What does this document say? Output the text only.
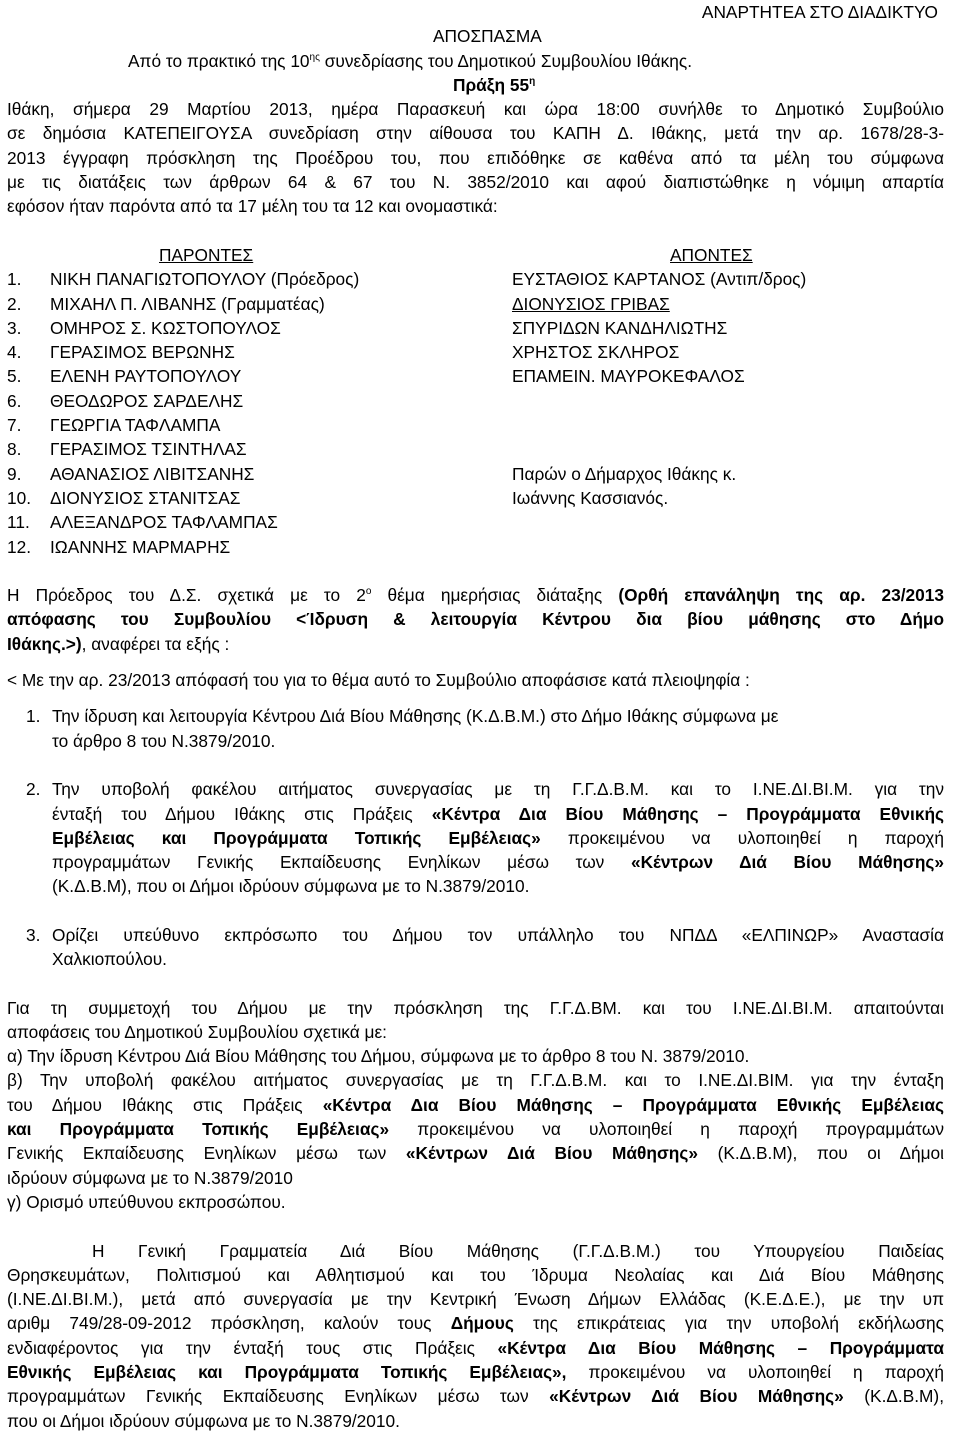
ΑΝΑΡΤΗΤΕΑ ΣΤΟ ΔΙΑΔΙΚΤΥΟ
ΑΠΟΣΠΑΣΜΑ
Από το πρακτικό της $10^{\eta\varsigma}$ συνεδρίασης του Δημοτικού Συμβουλίου Ιθάκης.
Πράξη $55^\eta$
Ιθάκη, σήμερα 29 Μαρτίου 2013, ημέρα Παρασκευή και ώρα 18:00 συνήλθε το Δημοτικό Συμβούλιο
σε δημόσια ΚΑΤΕΠΕΙΓΟΥΣΑ συνεδρίαση στην αίθουσα του ΚΑΠΗ Δ. Ιθάκης, μετά την αρ. 1678/28-3-
2013 έγγραφη πρόσκληση της Προέδρου του, που επιδόθηκε σε καθένα από τα μέλη του σύμφωνα
με τις διατάξεις των άρθρων 64 & 67 του Ν. 3852/2010 και αφού διαπιστώθηκε η νόμιμη απαρτία
εφόσον ήταν παρόντα από τα 17 μέλη του τα 12 και ονομαστικά:
ΠΑΡΟΝΤΕΣ	ΑΠΟΝΤΕΣ
1. ΝΙΚΗ ΠΑΝΑΓΙΩΤΟΠΟΥΛΟΥ (Πρόεδρος)	ΕΥΣΤΑΘΙΟΣ ΚΑΡΤΑΝΟΣ (Αντιπ/δρος)
2. ΜΙΧΑΗΛ Π. ΛΙΒΑΝΗΣ (Γραμματέας)	ΔΙΟΝΥΣΙΟΣ ΓΡΙΒΑΣ
3. ΟΜΗΡΟΣ Σ. ΚΩΣΤΟΠΟΥΛΟΣ	ΣΠΥΡΙΔΩΝ ΚΑΝΔΗΛΙΩΤΗΣ
4. ΓΕΡΑΣΙΜΟΣ ΒΕΡΩΝΗΣ	ΧΡΗΣΤΟΣ ΣΚΛΗΡΟΣ
5. ΕΛΕΝΗ ΡΑΥΤΟΠΟΥΛΟΥ	ΕΠΑΜΕΙΝ. ΜΑΥΡΟΚΕΦΑΛΟΣ
6. ΘΕΟΔΩΡΟΣ ΣΑΡΔΕΛΗΣ
7. ΓΕΩΡΓΙΑ ΤΑΦΛΑΜΠΑ
8. ΓΕΡΑΣΙΜΟΣ ΤΣΙΝΤΗΛΑΣ
9. ΑΘΑΝΑΣΙΟΣ ΛΙΒΙΤΣΑΝΗΣ	Παρών ο Δήμαρχος Ιθάκης κ.
10. ΔΙΟΝΥΣΙΟΣ ΣΤΑΝΙΤΣΑΣ	Ιωάννης Κασσιανός.
11. ΑΛΕΞΑΝΔΡΟΣ ΤΑΦΛΑΜΠΑΣ
12. ΙΩΑΝΝΗΣ ΜΑΡΜΑΡΗΣ
Η Πρόεδρος του Δ.Σ. σχετικά με το $2^o$ θέμα ημερήσιας διάταξης (Ορθή επανάληψη της αρ. 23/2013
απόφασης του Συμβουλίου <Ίδρυση & λειτουργία Κέντρου δια βίου μάθησης στο Δήμο
Ιθάκης.>), αναφέρει τα εξής :
< Με την αρ. 23/2013 απόφασή του για το θέμα αυτό το Συμβούλιο αποφάσισε κατά πλειοψηφία :
1. Την ίδρυση και λειτουργία Κέντρου Διά Βίου Μάθησης (Κ.Δ.Β.Μ.) στο Δήμο Ιθάκης σύμφωνα με
το άρθρο 8 του Ν.3879/2010.
2. Την υποβολή φακέλου αιτήματος συνεργασίας με τη Γ.Γ.Δ.Β.Μ. και το Ι.ΝΕ.ΔΙ.ΒΙ.Μ. για την
ένταξή του Δήμου Ιθάκης στις Πράξεις «Κέντρα Δια Βίου Μάθησης – Προγράμματα Εθνικής
Εμβέλειας και Προγράμματα Τοπικής Εμβέλειας» προκειμένου να υλοποιηθεί η παροχή
προγραμμάτων Γενικής Εκπαίδευσης Ενηλίκων μέσω των «Κέντρων Διά Βίου Μάθησης»
(Κ.Δ.Β.Μ), που οι Δήμοι ιδρύουν σύμφωνα με το Ν.3879/2010.
3. Ορίζει υπεύθυνο εκπρόσωπο του Δήμου τον υπάλληλο του ΝΠΔΔ «ΕΛΠΙΝΩΡ» Αναστασία
Χαλκιοπούλου.
Για τη συμμετοχή του Δήμου με την πρόσκληση της Γ.Γ.Δ.ΒΜ. και του Ι.ΝΕ.ΔΙ.ΒΙ.Μ. απαιτούνται
αποφάσεις του Δημοτικού Συμβουλίου σχετικά με:
α) Την ίδρυση Κέντρου Διά Βίου Μάθησης του Δήμου, σύμφωνα με το άρθρο 8 του Ν. 3879/2010.
β) Την υποβολή φακέλου αιτήματος συνεργασίας με τη Γ.Γ.Δ.Β.Μ. και το Ι.ΝΕ.ΔΙ.ΒΙΜ. για την ένταξη
του Δήμου Ιθάκης στις Πράξεις «Κέντρα Δια Βίου Μάθησης – Προγράμματα Εθνικής Εμβέλειας
και Προγράμματα Τοπικής Εμβέλειας» προκειμένου να υλοποιηθεί η παροχή προγραμμάτων
Γενικής Εκπαίδευσης Ενηλίκων μέσω των «Κέντρων Διά Βίου Μάθησης» (Κ.Δ.Β.Μ), που οι Δήμοι
ιδρύουν σύμφωνα με το Ν.3879/2010
γ) Ορισμό υπεύθυνου εκπροσώπου.
Η Γενική Γραμματεία Διά Βίου Μάθησης (Γ.Γ.Δ.Β.Μ.) του Υπουργείου Παιδείας
Θρησκευμάτων, Πολιτισμού και Αθλητισμού και του Ίδρυμα Νεολαίας και Διά Βίου Μάθησης
(Ι.ΝΕ.ΔΙ.ΒΙ.Μ.), μετά από συνεργασία με την Κεντρική Ένωση Δήμων Ελλάδας (Κ.Ε.Δ.Ε.), με την υπ
αριθμ 749/28-09-2012 πρόσκληση, καλούν τους Δήμους της επικράτειας για την υποβολή εκδήλωσης
ενδιαφέροντος για την ένταξή τους στις Πράξεις «Κέντρα Δια Βίου Μάθησης – Προγράμματα
Εθνικής Εμβέλειας και Προγράμματα Τοπικής Εμβέλειας», προκειμένου να υλοποιηθεί η παροχή
προγραμμάτων Γενικής Εκπαίδευσης Ενηλίκων μέσω των «Κέντρων Διά Βίου Μάθησης» (Κ.Δ.Β.Μ),
που οι Δήμοι ιδρύουν σύμφωνα με το Ν.3879/2010.
